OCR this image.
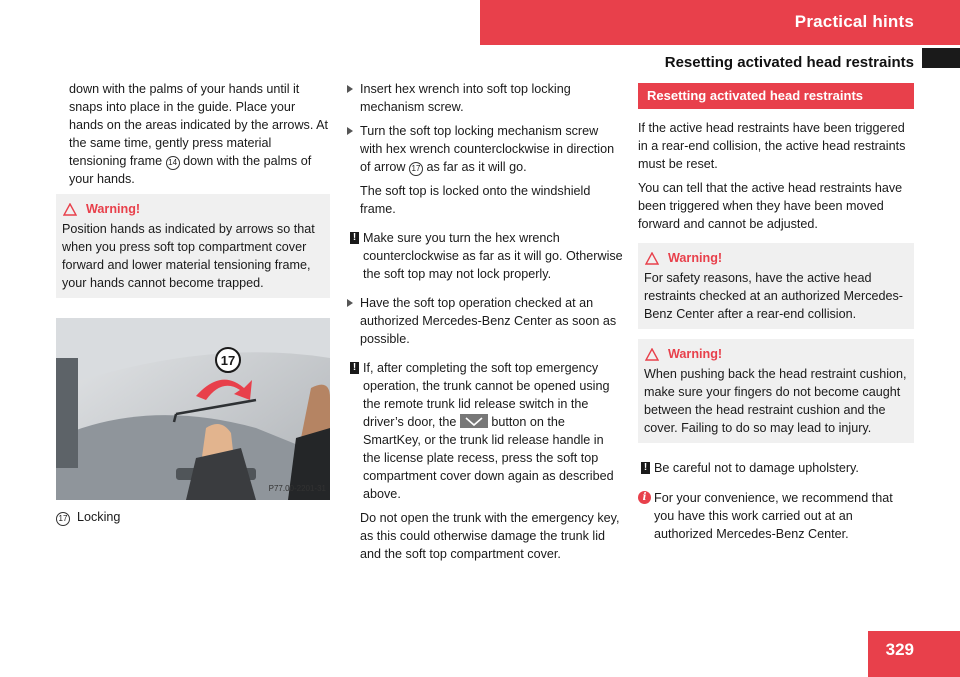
Practical hints
Resetting activated head restraints

down with the palms of your hands until it snaps into place in the guide. Place your hands on the areas indicated by the arrows. At the same time, gently press material tensioning frame 14 down with the palms of your hands.

Warning!
Position hands as indicated by arrows so that when you press soft top compartment cover forward and lower material tensioning frame, your hands cannot become trapped.
17
P77.00-2201-31

17 Locking

Insert hex wrench into soft top locking mechanism screw.
Turn the soft top locking mechanism screw with hex wrench counterclockwise in direction of arrow 17 as far as it will go.

The soft top is locked onto the windshield frame.

! Make sure you turn the hex wrench counterclockwise as far as it will go. Otherwise the soft top may not lock properly.
Have the soft top operation checked at an authorized Mercedes-Benz Center as soon as possible.
! If, after completing the soft top emergency operation, the trunk cannot be opened using the remote trunk lid release switch in the driver’s door, the	button on the SmartKey, or the trunk lid release handle in the license plate recess, press the soft top compartment cover down again as described above.

Do not open the trunk with the emergency key, as this could otherwise damage the trunk lid and the soft top compartment cover.

Resetting activated head restraints

If the active head restraints have been triggered in a rear-end collision, the active head restraints must be reset.

You can tell that the active head restraints have been triggered when they have been moved forward and cannot be adjusted.

Warning!
For safety reasons, have the active head restraints checked at an authorized Mercedes-Benz Center after a rear-end collision.
Warning!
When pushing back the head restraint cushion, make sure your fingers do not become caught between the head restraint cushion and the cover. Failing to do so may lead to injury.
! Be careful not to damage upholstery.
i For your convenience, we recommend that you have this work carried out at an authorized Mercedes-Benz Center.
329
